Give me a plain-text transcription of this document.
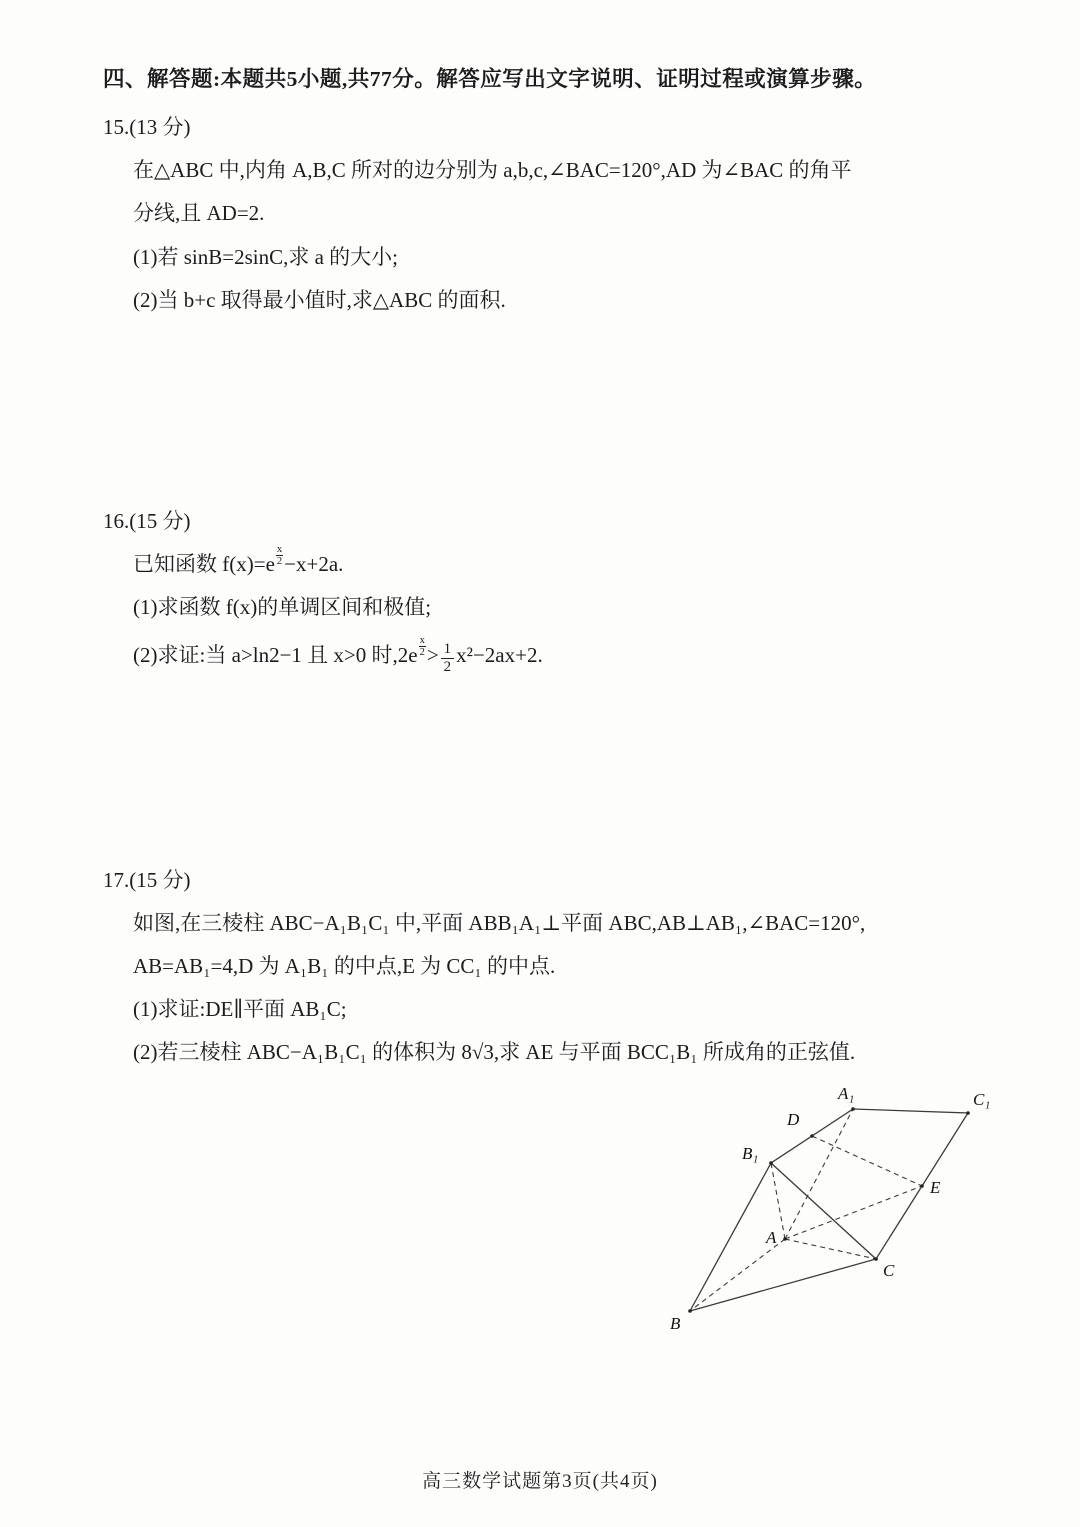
四、解答题:本题共5小题,共77分。解答应写出文字说明、证明过程或演算步骤。
15.(13 分)
在△ABC 中,内角 A,B,C 所对的边分别为 a,b,c,∠BAC=120°,AD 为∠BAC 的角平
分线,且 AD=2.
(1)若 sinB=2sinC,求 a 的大小;
(2)当 b+c 取得最小值时,求△ABC 的面积.
16.(15 分)
已知函数 $f(x)=e \frac{x}{2} -x+2a$.
(1)求函数 f(x)的单调区间和极值;
(2)求证:当 a>ln2−1 且 x>0 时$,2e \frac{x}{2} > \frac{1}{2} x^2-2ax+2$.
17.(15 分)
如图,在三棱柱 ABC−A₁B₁C₁ 中,平面 ABB₁A₁⊥平面 ABC,AB⊥AB₁,∠BAC=120°,
AB=AB₁=4,D 为 A₁B₁ 的中点,E 为 CC₁ 的中点.
(1)求证:DE∥平面 AB₁C;
(2)若三棱柱 ABC−A₁B₁C₁ 的体积为 8√3,求 AE 与平面 BCC₁B₁ 所成角的正弦值.
A₁	C₁
D
B₁
E
A
C
B
高三数学试题第3页(共4页)
